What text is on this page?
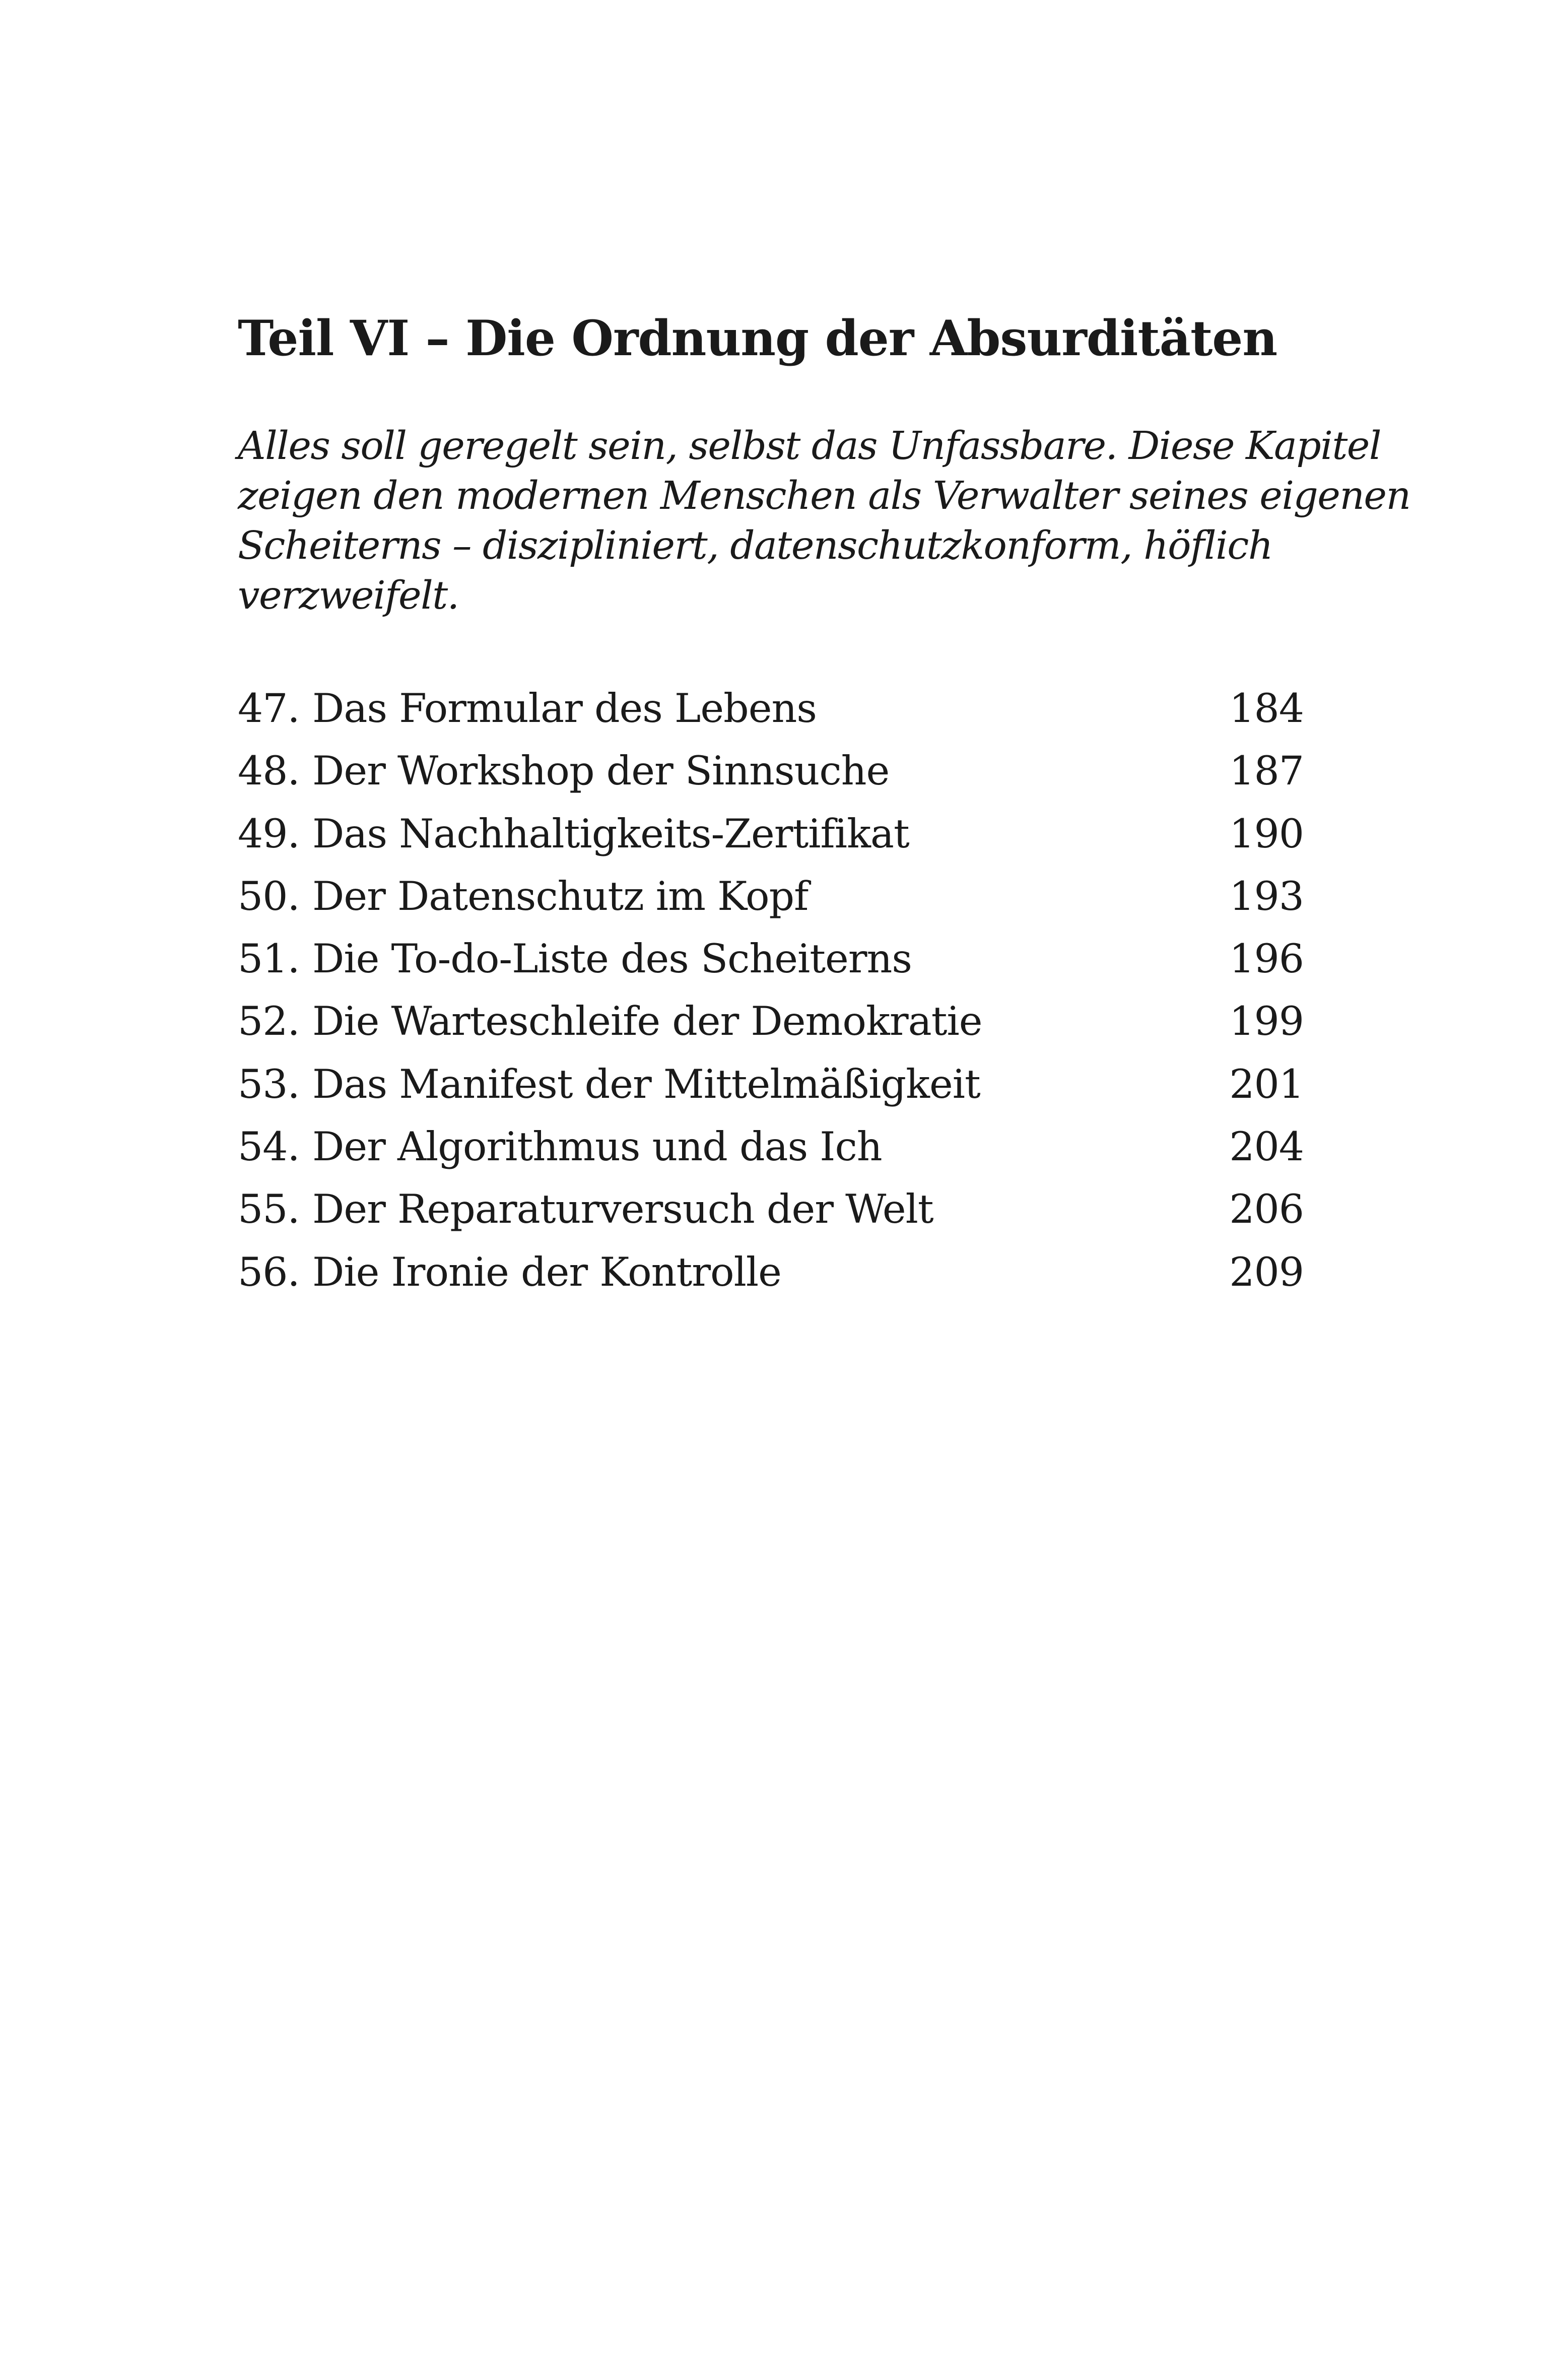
Teil VI – Die Ordnung der Absurditäten

Alles soll geregelt sein, selbst das Unfassbare. Diese Kapitel
zeigen den modernen Menschen als Verwalter seines eigenen
Scheiterns – diszipliniert, datenschutzkonform, höflich
verzweifelt.

47. Das Formular des Lebens	184
48. Der Workshop der Sinnsuche	187
49. Das Nachhaltigkeits-Zertifikat	190
50. Der Datenschutz im Kopf	193
51. Die To-do-Liste des Scheiterns	196
52. Die Warteschleife der Demokratie	199
53. Das Manifest der Mittelmäßigkeit	201
54. Der Algorithmus und das Ich	204
55. Der Reparaturversuch der Welt	206
56. Die Ironie der Kontrolle	209
